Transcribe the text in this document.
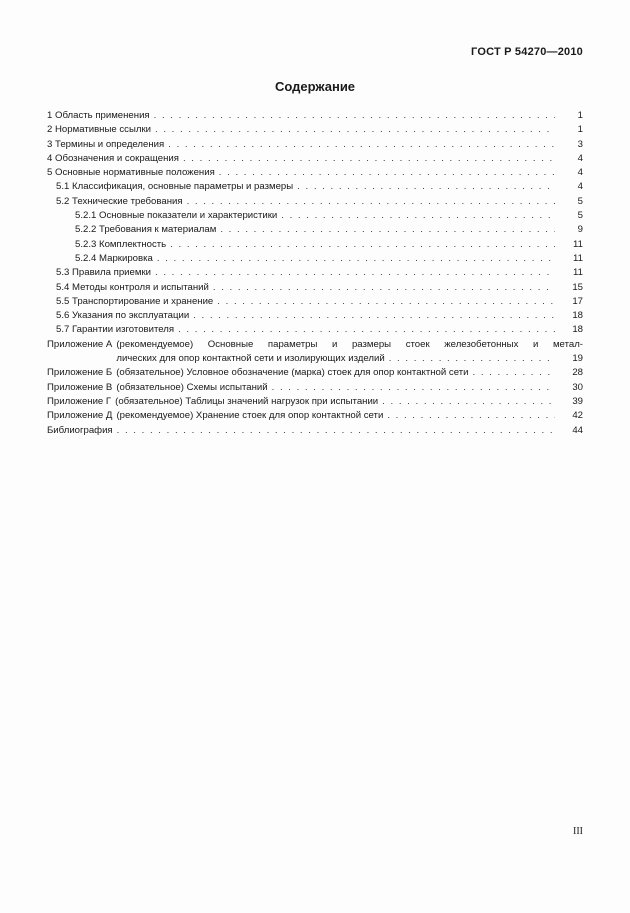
ГОСТ Р 54270—2010
Содержание
1 Область применения . . .	1
2 Нормативные ссылки . . .	1
3 Термины и определения . . .	3
4 Обозначения и сокращения . . .	4
5 Основные нормативные положения . . .	4
5.1 Классификация, основные параметры и размеры . . .	4
5.2 Технические требования . . .	5
5.2.1 Основные показатели и характеристики . . .	5
5.2.2 Требования к материалам . . .	9
5.2.3 Комплектность . . .	11
5.2.4 Маркировка . . .	11
5.3 Правила приемки . . .	11
5.4 Методы контроля и испытаний . . .	15
5.5 Транспортирование и хранение . . .	17
5.6 Указания по эксплуатации . . .	18
5.7 Гарантии изготовителя . . .	18
Приложение А (рекомендуемое) Основные параметры и размеры стоек железобетонных и метал-
лических для опор контактной сети и изолирующих изделий . . .	19
Приложение Б (обязательное) Условное обозначение (марка) стоек для опор контактной сети . . .	28
Приложение В (обязательное) Схемы испытаний . . .	30
Приложение Г (обязательное) Таблицы значений нагрузок при испытании . . .	39
Приложение Д (рекомендуемое) Хранение стоек для опор контактной сети . . .	42
Библиография . . .	44
III
